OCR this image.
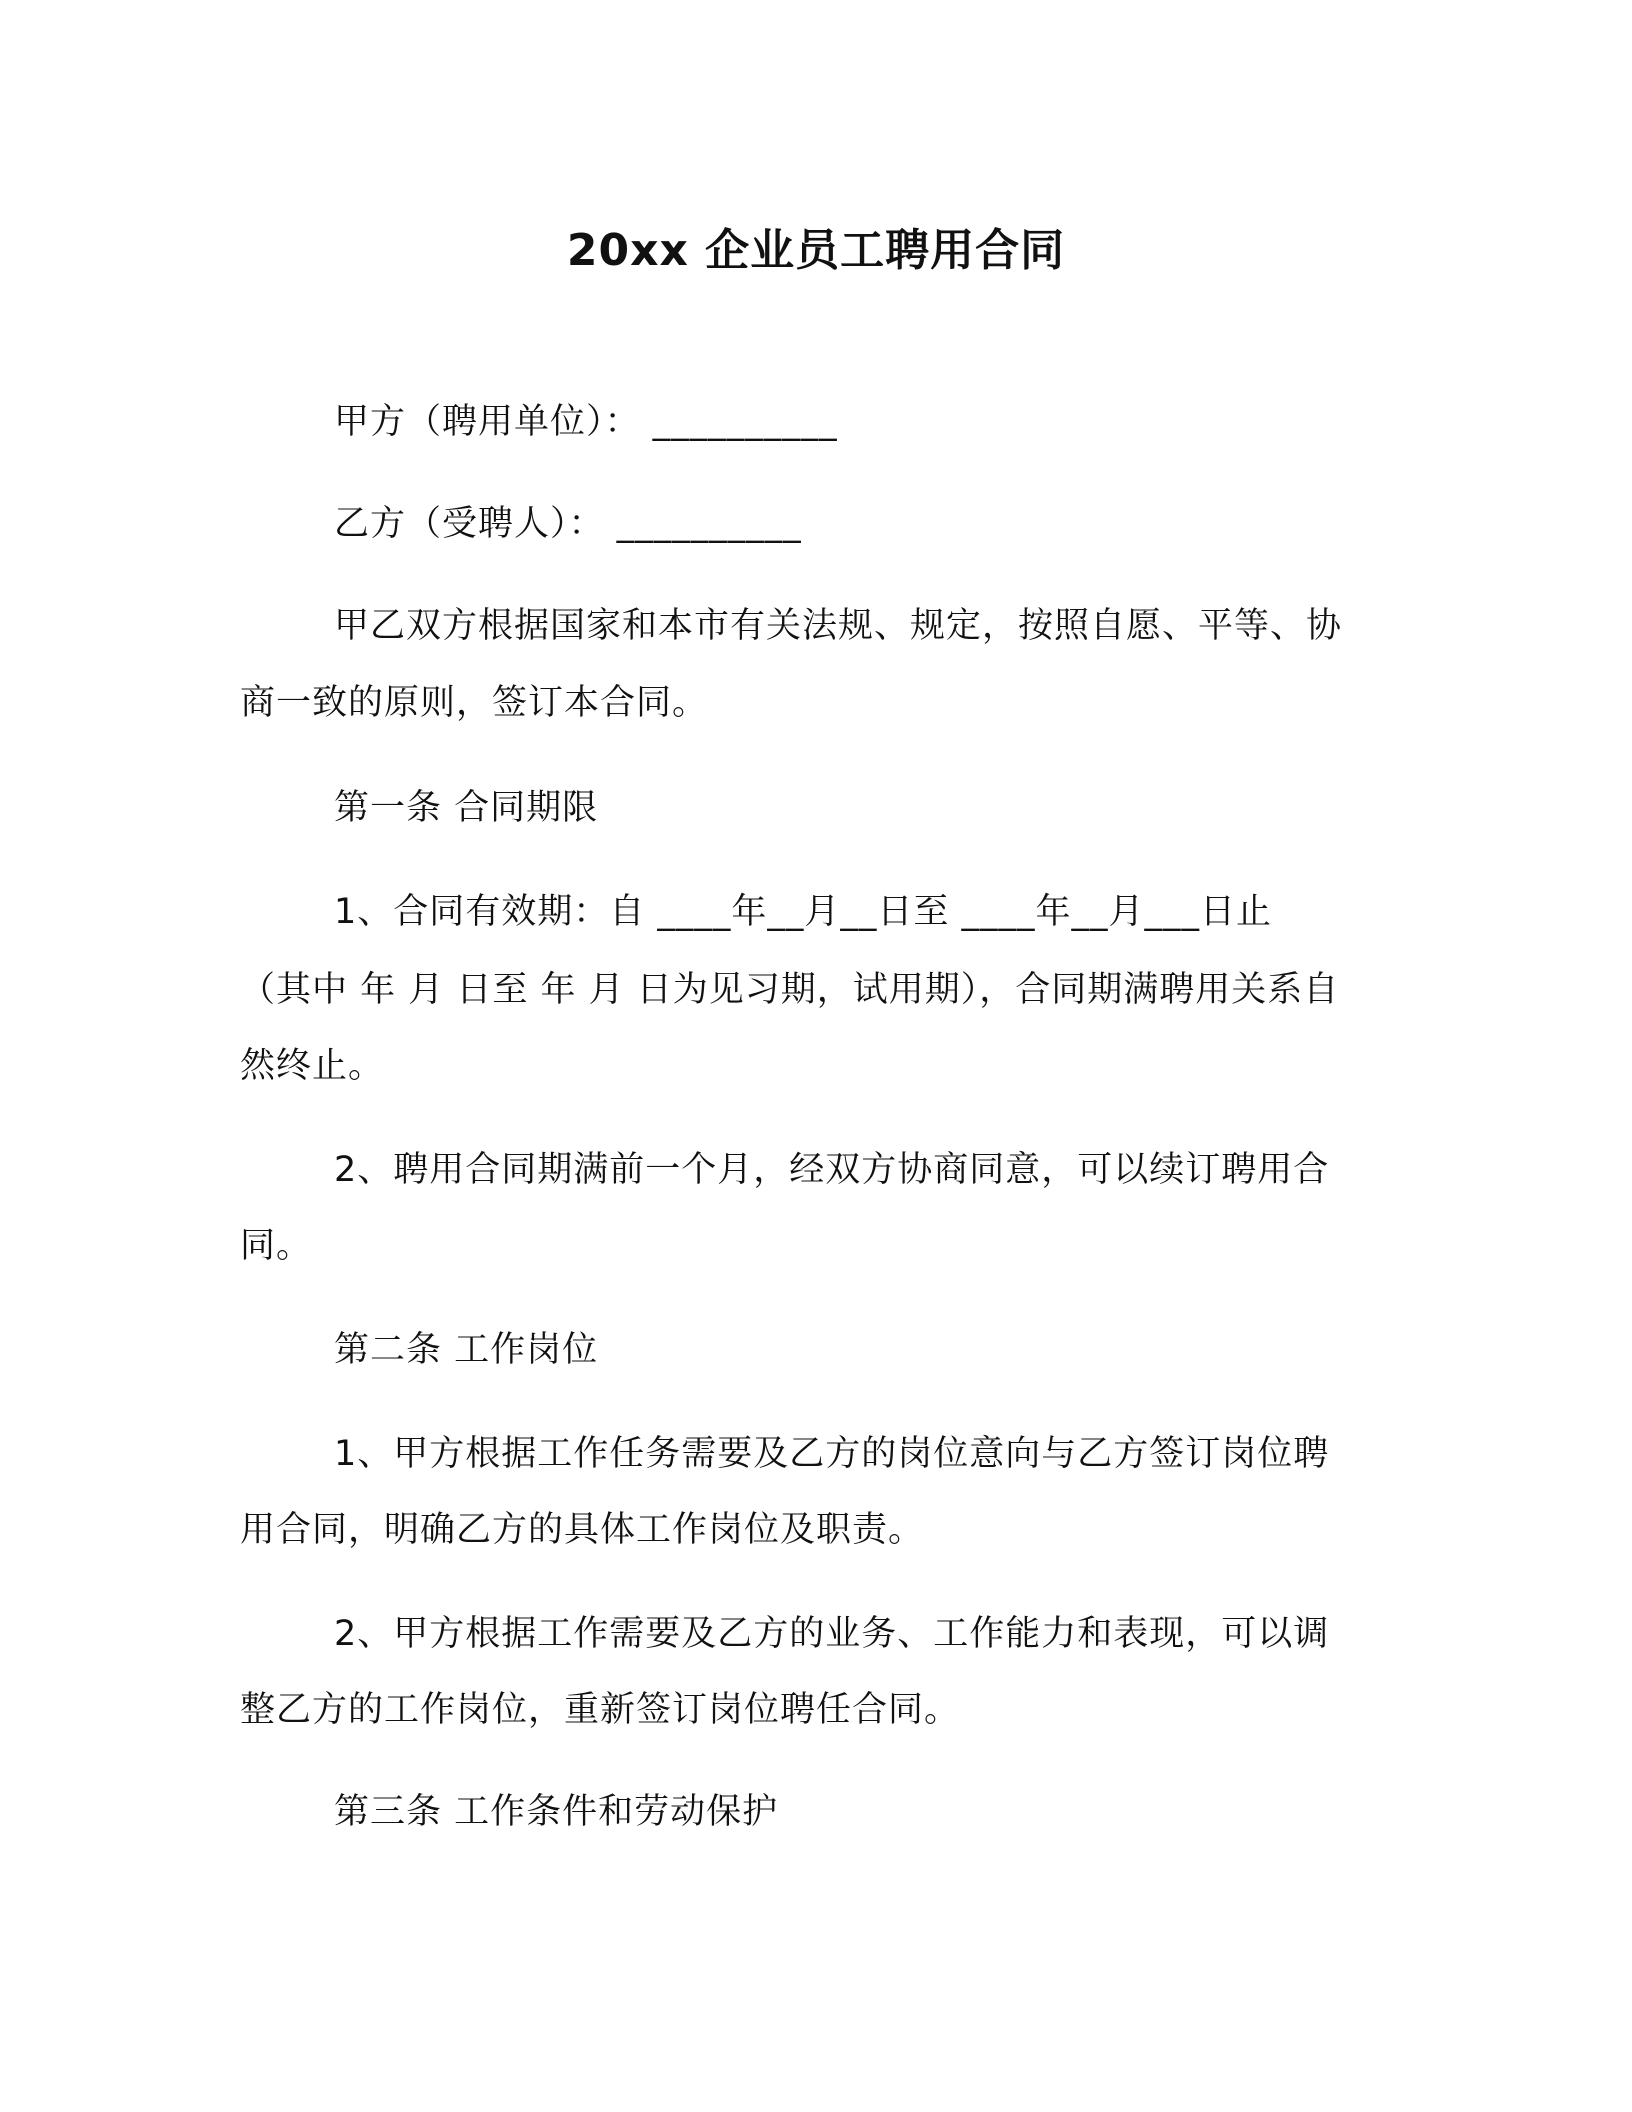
20xx 企业员工聘用合同
甲方（聘用单位）： __________
乙方（受聘人）： __________
甲乙双方根据国家和本市有关法规、规定，按照自愿、平等、协
商一致的原则，签订本合同。
第一条 合同期限
1、合同有效期：自 ____年__月__日至 ____年__月___日止
（其中 年 月 日至 年 月 日为见习期，试用期），合同期满聘用关系自
然终止。
2、聘用合同期满前一个月，经双方协商同意，可以续订聘用合
同。
第二条 工作岗位
1、甲方根据工作任务需要及乙方的岗位意向与乙方签订岗位聘
用合同，明确乙方的具体工作岗位及职责。
2、甲方根据工作需要及乙方的业务、工作能力和表现，可以调
整乙方的工作岗位，重新签订岗位聘任合同。
第三条 工作条件和劳动保护
